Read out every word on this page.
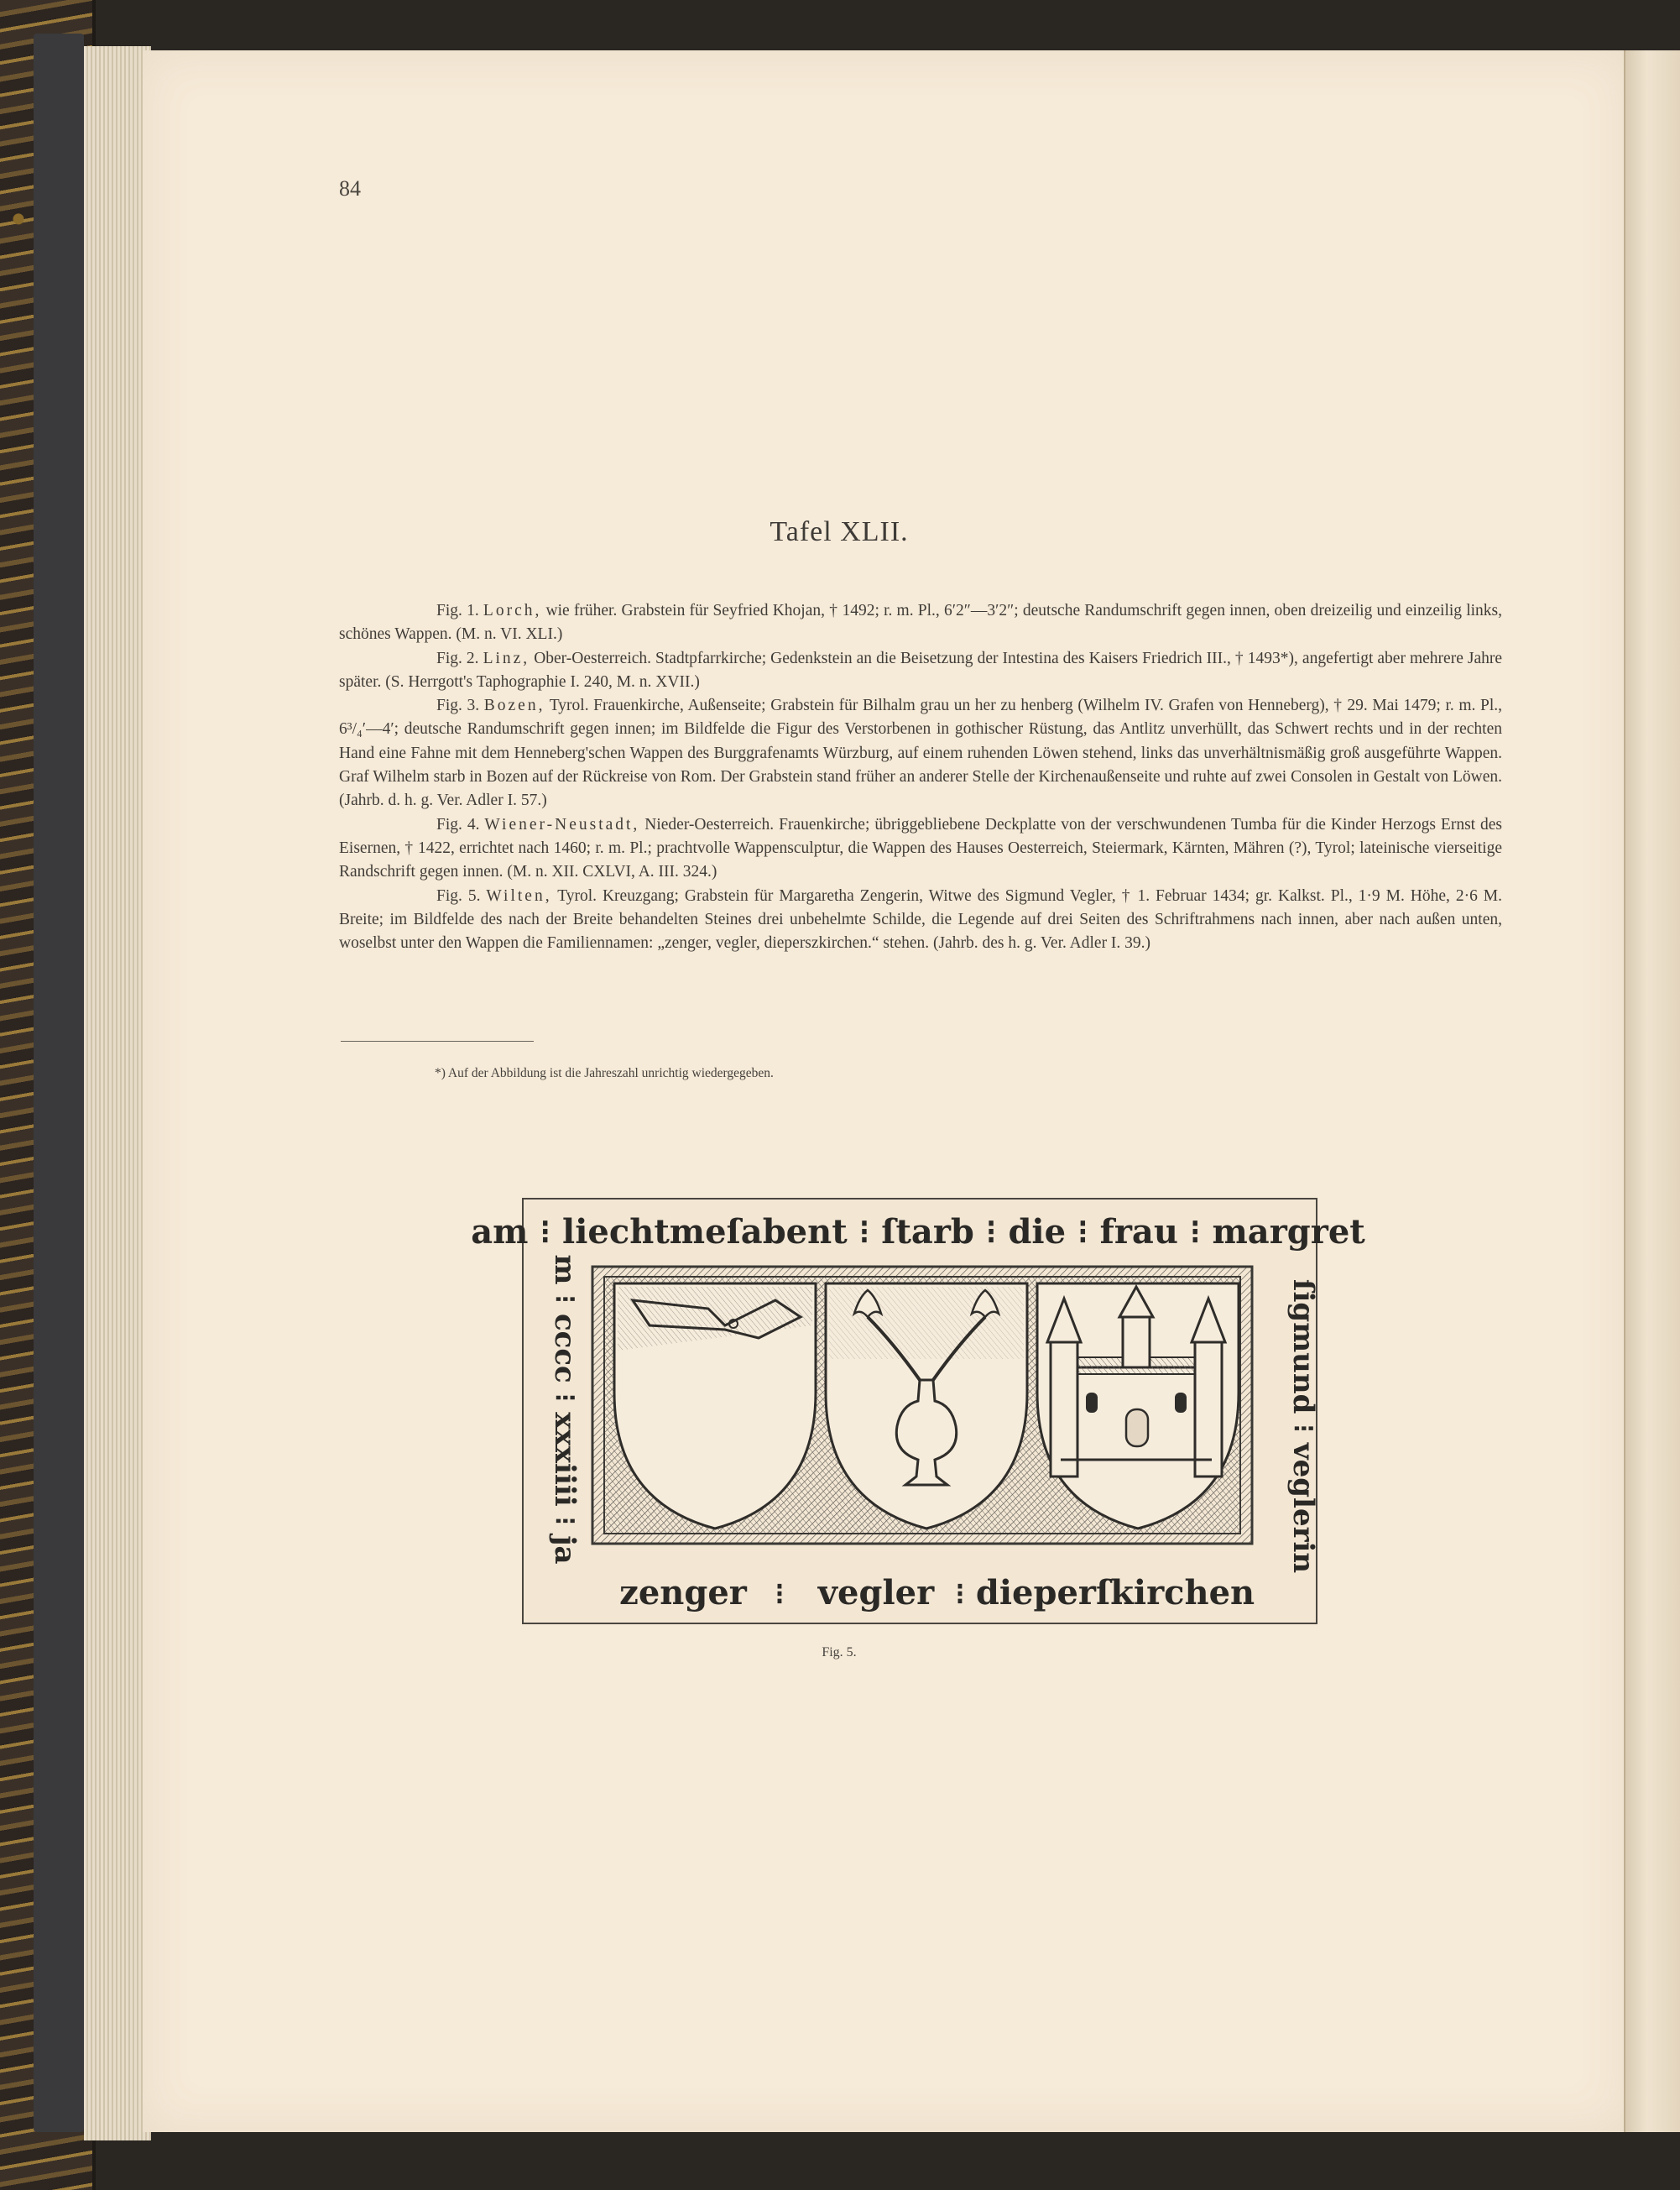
84
Tafel XLII.

Fig. 1. Lorch, wie früher. Grabstein für Seyfried Khojan, † 1492; r. m. Pl., 6′2″—3′2″; deutsche Randumschrift gegen innen, oben dreizeilig und einzeilig links, schönes Wappen. (M. n. VI. XLI.)

Fig. 2. Linz, Ober-Oesterreich. Stadtpfarrkirche; Gedenkstein an die Beisetzung der Intestina des Kaisers Friedrich III., † 1493*), angefertigt aber mehrere Jahre später. (S. Herrgott's Taphographie I. 240, M. n. XVII.)

Fig. 3. Bozen, Tyrol. Frauenkirche, Außenseite; Grabstein für Bilhalm grau un her zu henberg (Wilhelm IV. Grafen von Henneberg), † 29. Mai 1479; r. m. Pl., 6³/₄′—4′; deutsche Randumschrift gegen innen; im Bildfelde die Figur des Verstorbenen in gothischer Rüstung, das Antlitz unverhüllt, das Schwert rechts und in der rechten Hand eine Fahne mit dem Henneberg'schen Wappen des Burggrafenamts Würzburg, auf einem ruhenden Löwen stehend, links das unverhältnismäßig groß ausgeführte Wappen. Graf Wilhelm starb in Bozen auf der Rückreise von Rom. Der Grabstein stand früher an anderer Stelle der Kirchenaußenseite und ruhte auf zwei Consolen in Gestalt von Löwen. (Jahrb. d. h. g. Ver. Adler I. 57.)

Fig. 4. Wiener-Neustadt, Nieder-Oesterreich. Frauenkirche; übriggebliebene Deckplatte von der verschwundenen Tumba für die Kinder Herzogs Ernst des Eisernen, † 1422, errichtet nach 1460; r. m. Pl.; prachtvolle Wappensculptur, die Wappen des Hauses Oesterreich, Steiermark, Kärnten, Mähren (?), Tyrol; lateinische vierseitige Randschrift gegen innen. (M. n. XII. CXLVI, A. III. 324.)

Fig. 5. Wilten, Tyrol. Kreuzgang; Grabstein für Margaretha Zengerin, Witwe des Sigmund Vegler, † 1. Februar 1434; gr. Kalkst. Pl., 1·9 M. Höhe, 2·6 M. Breite; im Bildfelde des nach der Breite behandelten Steines drei unbehelmte Schilde, die Legende auf drei Seiten des Schriftrahmens nach innen, aber nach außen unten, woselbst unter den Wappen die Familiennamen: „zenger, vegler, dieperszkirchen.“ stehen. (Jahrb. des h. g. Ver. Adler I. 39.)

*) Auf der Abbildung ist die Jahreszahl unrichtig wiedergegeben.
am ⁝ liechtmeſabent ⁝ ſtarb ⁝ die ⁝ frau ⁝ margret
m ⁝ cccc ⁝ xxxiiii ⁝ ja	ſigmund ⁝ veglerin
zenger ⁝ vegler ⁝ dieperſkirchen
Fig. 5.
